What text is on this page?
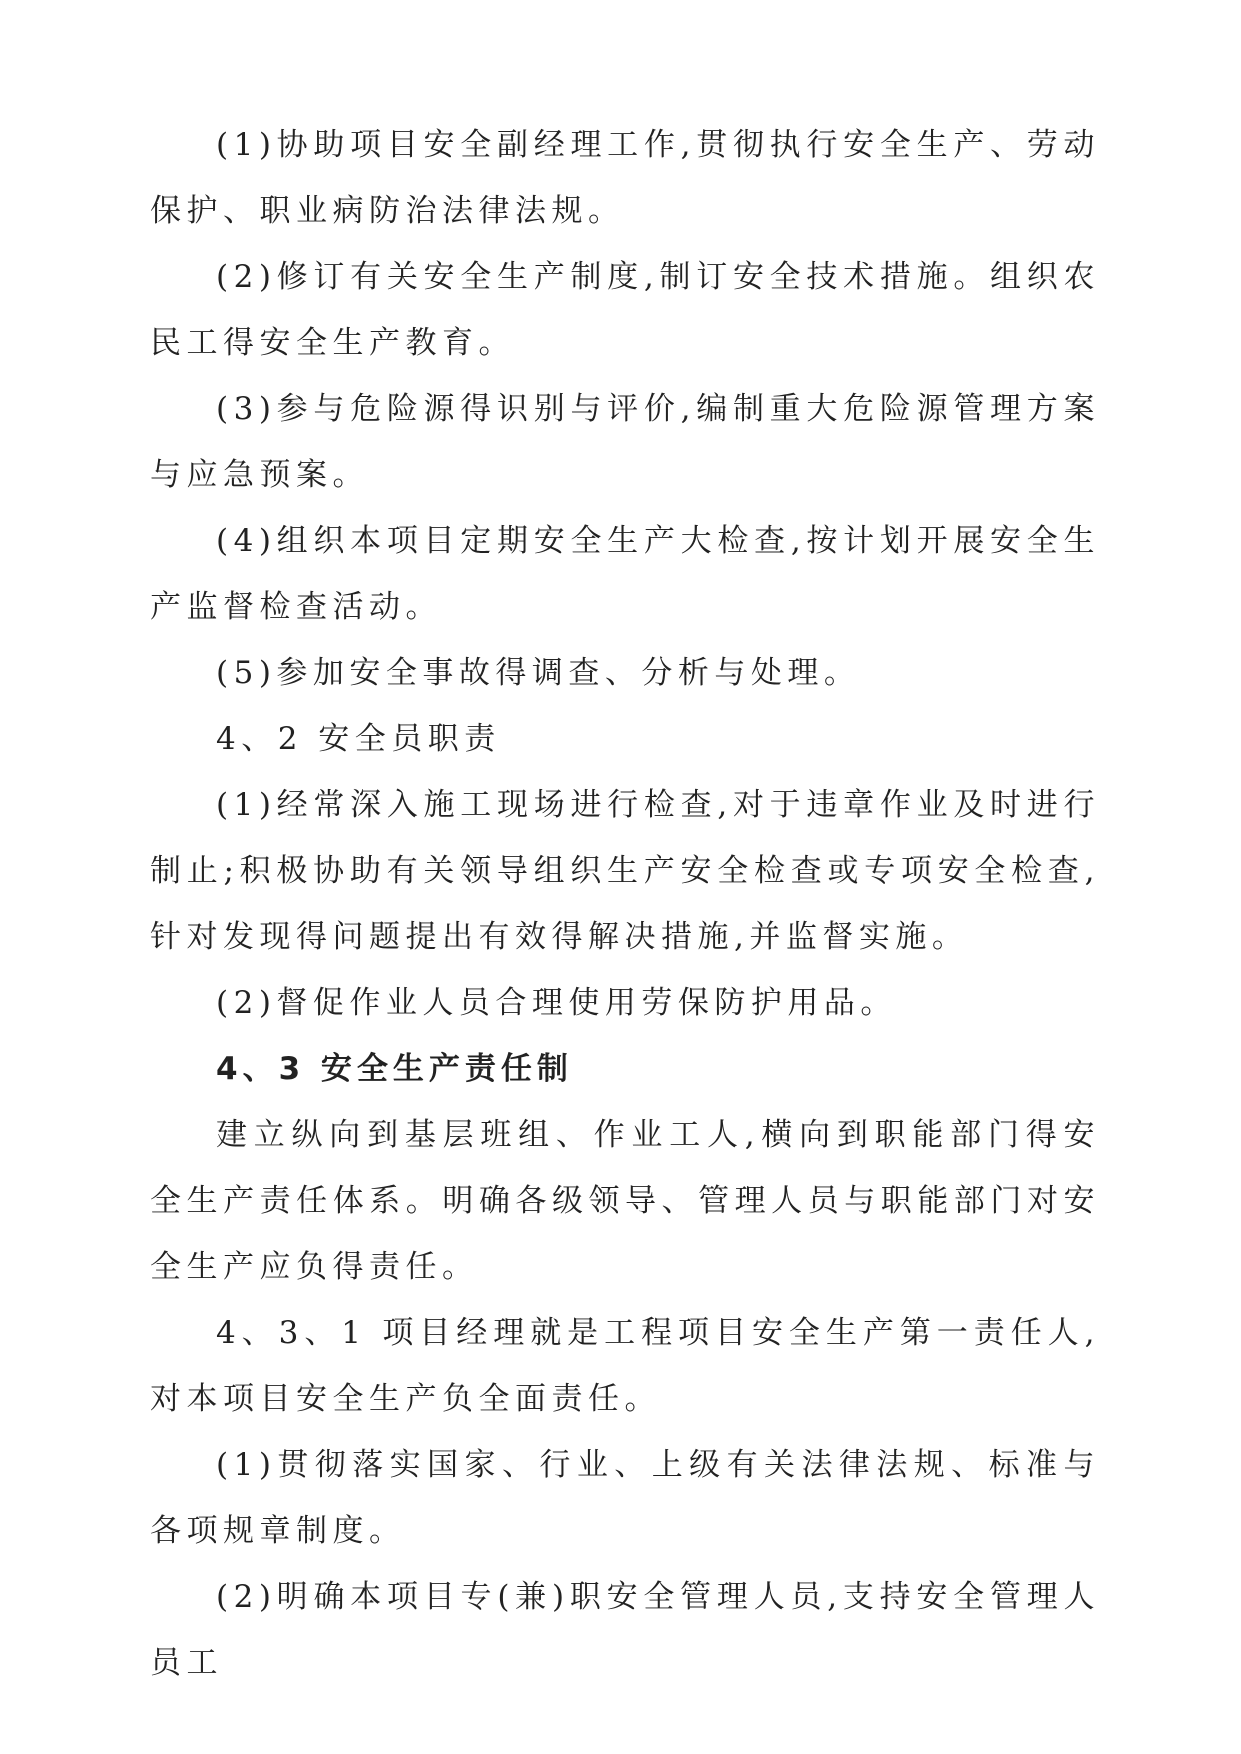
(1)协助项目安全副经理工作,贯彻执行安全生产、劳动保护、职业病防治法律法规。

(2)修订有关安全生产制度,制订安全技术措施。组织农民工得安全生产教育。

(3)参与危险源得识别与评价,编制重大危险源管理方案与应急预案。

(4)组织本项目定期安全生产大检查,按计划开展安全生产监督检查活动。

(5)参加安全事故得调查、分析与处理。

4、2 安全员职责

(1)经常深入施工现场进行检查,对于违章作业及时进行制止;积极协助有关领导组织生产安全检查或专项安全检查,针对发现得问题提出有效得解决措施,并监督实施。

(2)督促作业人员合理使用劳保防护用品。

4、3 安全生产责任制

建立纵向到基层班组、作业工人,横向到职能部门得安全生产责任体系。明确各级领导、管理人员与职能部门对安全生产应负得责任。

4、3、1 项目经理就是工程项目安全生产第一责任人,对本项目安全生产负全面责任。

(1)贯彻落实国家、行业、上级有关法律法规、标准与各项规章制度。

(2)明确本项目专(兼)职安全管理人员,支持安全管理人员工
